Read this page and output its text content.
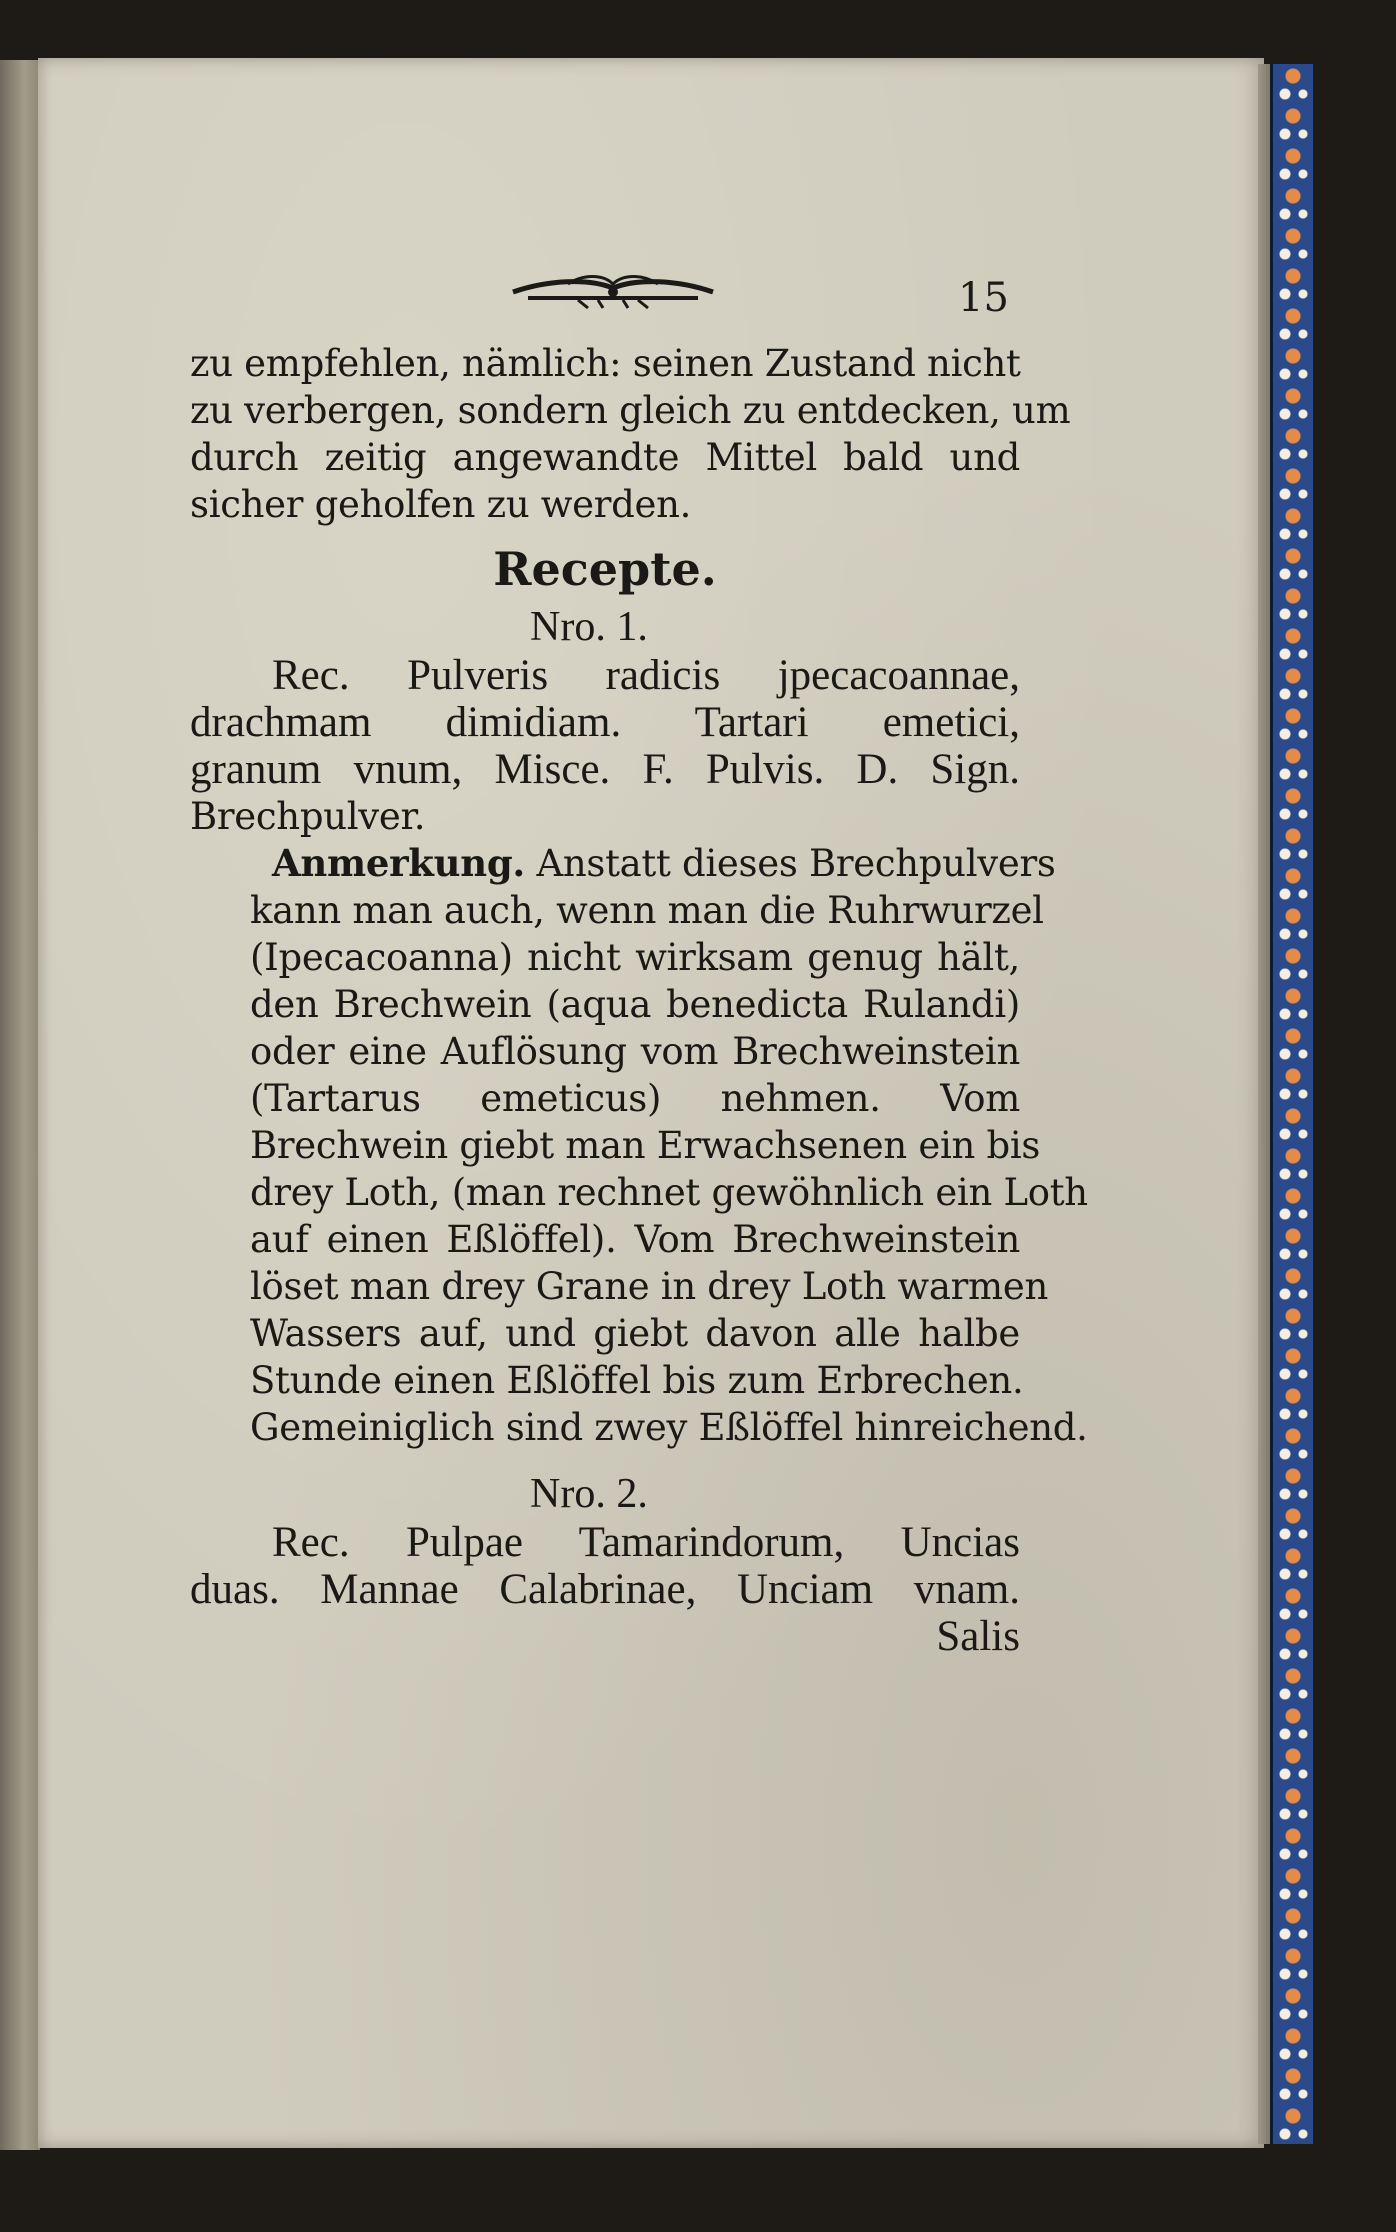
15
zu empfehlen, nämlich: seinen Zustand nicht
zu verbergen, sondern gleich zu entdecken, um
durch zeitig angewandte Mittel bald und
sicher geholfen zu werden.
Recepte.
Nro. 1.
Rec. Pulveris radicis jpecacoannae,
drachmam dimidiam. Tartari emetici,
granum vnum, Misce. F. Pulvis. D. Sign.
Brechpulver.
Anmerkung. Anstatt dieses Brechpulvers
kann man auch, wenn man die Ruhrwurzel
(Ipecacoanna) nicht wirksam genug hält,
den Brechwein (aqua benedicta Rulandi)
oder eine Auflösung vom Brechweinstein
(Tartarus emeticus) nehmen. Vom
Brechwein giebt man Erwachsenen ein bis
drey Loth, (man rechnet gewöhnlich ein Loth
auf einen Eßlöffel). Vom Brechweinstein
löset man drey Grane in drey Loth warmen
Wassers auf, und giebt davon alle halbe
Stunde einen Eßlöffel bis zum Erbrechen.
Gemeiniglich sind zwey Eßlöffel hinreichend.
Nro. 2.
Rec. Pulpae Tamarindorum, Uncias
duas. Mannae Calabrinae, Unciam vnam.
Salis
